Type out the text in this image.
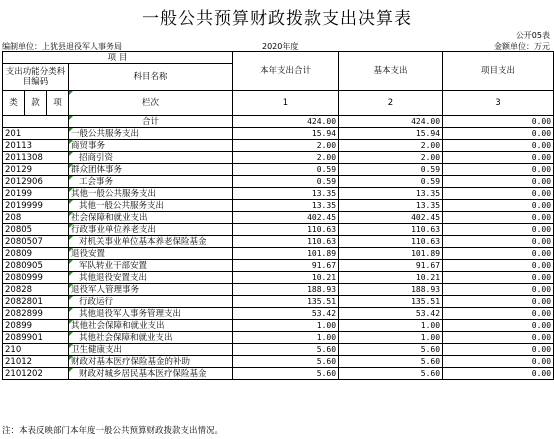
一般公共预算财政拨款支出决算表
公开05表
编制单位：上犹县退役军人事务局	2020年度	金额单位：万元
项 目				本年支出合计	基本支出	项目支出
支出功能分类科目编码			科目名称			
类	款	项				
			栏次	1	2	3
			合计	424.00	424.00	0.00
201			一般公共服务支出	15.94	15.94	0.00
20113			商贸事务	2.00	2.00	0.00
2011308			招商引资	2.00	2.00	0.00
20129			群众团体事务	0.59	0.59	0.00
2012906			工会事务	0.59	0.59	0.00
20199			其他一般公共服务支出	13.35	13.35	0.00
2019999			其他一般公共服务支出	13.35	13.35	0.00
208			社会保障和就业支出	402.45	402.45	0.00
20805			行政事业单位养老支出	110.63	110.63	0.00
2080507			对机关事业单位基本养老保险基金	110.63	110.63	0.00
20809			退役安置	101.89	101.89	0.00
2080905			军队转业干部安置	91.67	91.67	0.00
2080999			其他退役安置支出	10.21	10.21	0.00
20828			退役军人管理事务	188.93	188.93	0.00
2082801			行政运行	135.51	135.51	0.00
2082899			其他退役军人事务管理支出	53.42	53.42	0.00
20899			其他社会保障和就业支出	1.00	1.00	0.00
2089901			其他社会保障和就业支出	1.00	1.00	0.00
210			卫生健康支出	5.60	5.60	0.00
21012			财政对基本医疗保险基金的补助	5.60	5.60	0.00
2101202			财政对城乡居民基本医疗保险基金	5.60	5.60	0.00
注：本表反映部门本年度一般公共预算财政拨款支出情况。
